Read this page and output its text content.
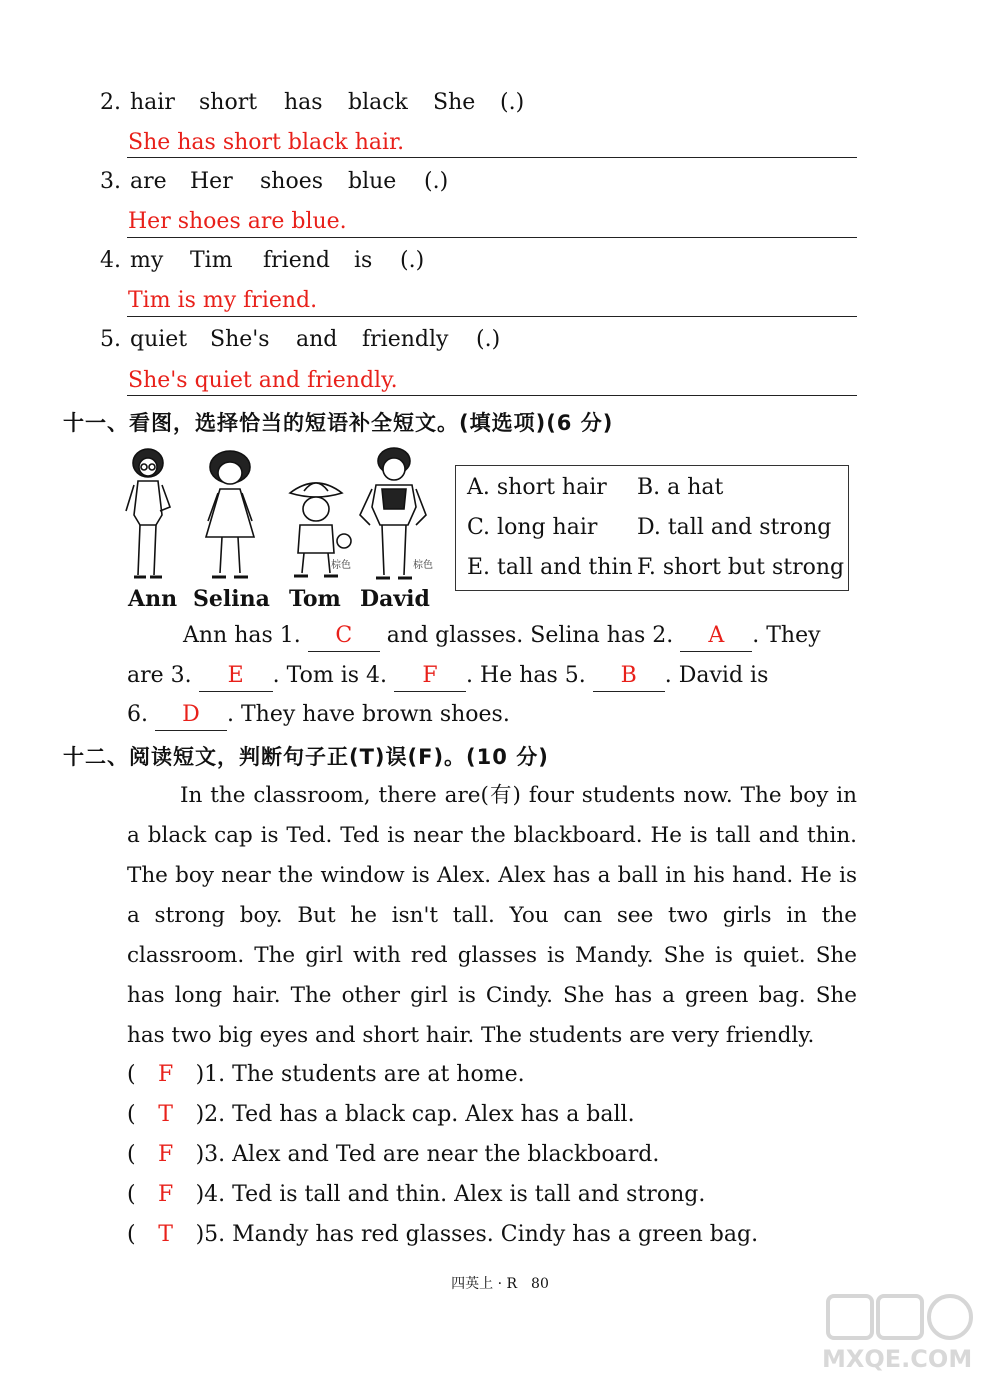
2. hair short has black She (.)
She has short black hair.
3. are Her shoes blue (.)
Her shoes are blue.
4. my Tim friend is (.)
Tim is my friend.
5. quiet She's and friendly (.)
She's quiet and friendly.
十一、看图，选择恰当的短语补全短文。(填选项)(6 分)
棕色	棕色
Ann Selina Tom David
A. short hair B. a hat
C. long hair D. tall and strong
E. tall and thin F. short but strong
Ann has 1. C and glasses. Selina has 2. A . They
are 3. E . Tom is 4. F . He has 5. B . David is
6. D . They have brown shoes.
十二、阅读短文，判断句子正(T)误(F)。(10 分)
In the classroom, there are(有) four students now. The boy in a black cap is Ted. Ted is near the blackboard. He is tall and thin. The boy near the window is Alex. Alex has a ball in his hand. He is a strong boy. But he isn't tall. You can see two girls in the classroom. The girl with red glasses is Mandy. She is quiet. She has long hair. The other girl is Cindy. She has a green bag. She has two big eyes and short hair. The students are very friendly.
( F )1. The students are at home.
( T )2. Ted has a black cap. Alex has a ball.
( F )3. Alex and Ted are near the blackboard.
( F )4. Ted is tall and thin. Alex is tall and strong.
( T )5. Mandy has red glasses. Cindy has a green bag.
四英上 · R　80
MXQE.COM
